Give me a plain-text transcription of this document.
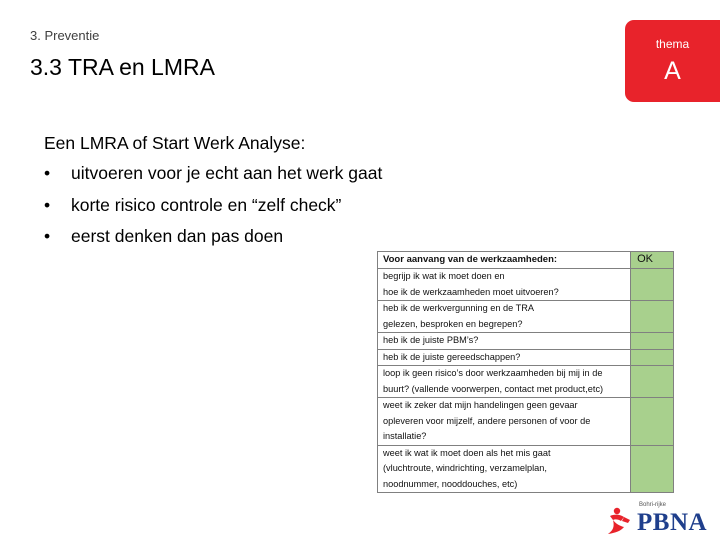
3. Preventie
3.3 TRA en LMRA
thema
A
Een LMRA of Start Werk Analyse:
•	uitvoeren voor je echt aan het werk gaat
•	korte risico controle en “zelf check”
•	eerst denken dan pas doen
Voor aanvang van de werkzaamheden:	OK

begrijp ik wat ik moet doen en
hoe ik de werkzaamheden moet uitvoeren?	

heb ik de werkvergunning en de TRA
gelezen, besproken en begrepen?	

heb ik de juiste PBM’s?	

heb ik de juiste gereedschappen?	

loop ik geen risico’s door werkzaamheden bij mij in de
buurt? (vallende voorwerpen, contact met product,etc)	

weet ik zeker dat mijn handelingen geen gevaar
opleveren voor mijzelf, andere personen of voor de
installatie?	

weet ik wat ik moet doen als het mis gaat
(vluchtroute, windrichting, verzamelplan,
noodnummer, nooddouches, etc)	

Bohri-rijke
PBNA
